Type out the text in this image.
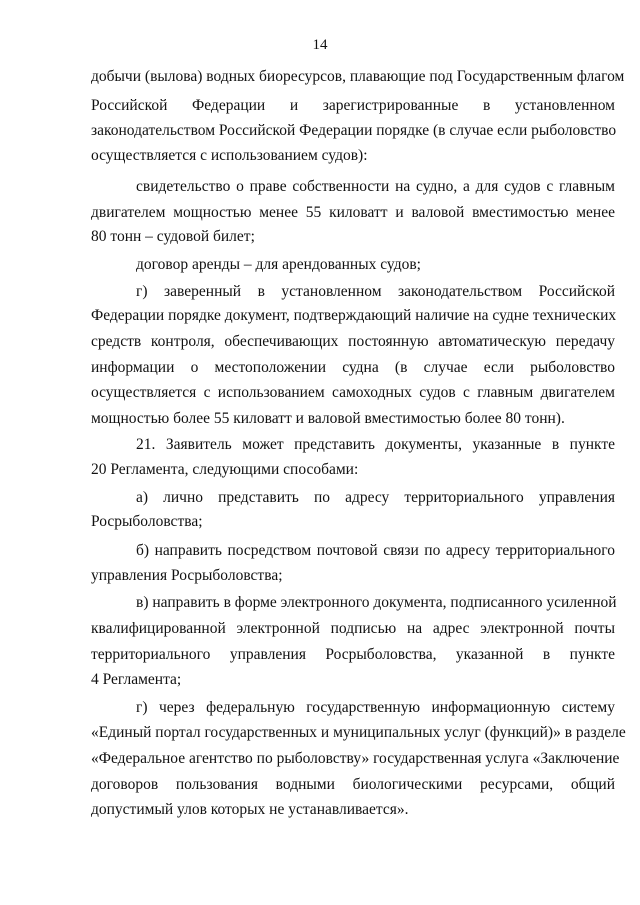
14
добычи (вылова) водных биоресурсов, плавающие под Государственным флагом
Российской Федерации и зарегистрированные в установленном
законодательством Российской Федерации порядке (в случае если рыболовство
осуществляется с использованием судов):
свидетельство о праве собственности на судно, а для судов с главным
двигателем мощностью менее 55 киловатт и валовой вместимостью менее
80 тонн – судовой билет;
договор аренды – для арендованных судов;
г) заверенный в установленном законодательством Российской
Федерации порядке документ, подтверждающий наличие на судне технических
средств контроля, обеспечивающих постоянную автоматическую передачу
информации о местоположении судна (в случае если рыболовство
осуществляется с использованием самоходных судов с главным двигателем
мощностью более 55 киловатт и валовой вместимостью более 80 тонн).
21. Заявитель может представить документы, указанные в пункте
20 Регламента, следующими способами:
а) лично представить по адресу территориального управления
Росрыболовства;
б) направить посредством почтовой связи по адресу территориального
управления Росрыболовства;
в) направить в форме электронного документа, подписанного усиленной
квалифицированной электронной подписью на адрес электронной почты
территориального управления Росрыболовства, указанной в пункте
4 Регламента;
г) через федеральную государственную информационную систему
«Единый портал государственных и муниципальных услуг (функций)» в разделе
«Федеральное агентство по рыболовству» государственная услуга «Заключение
договоров пользования водными биологическими ресурсами, общий
допустимый улов которых не устанавливается».
